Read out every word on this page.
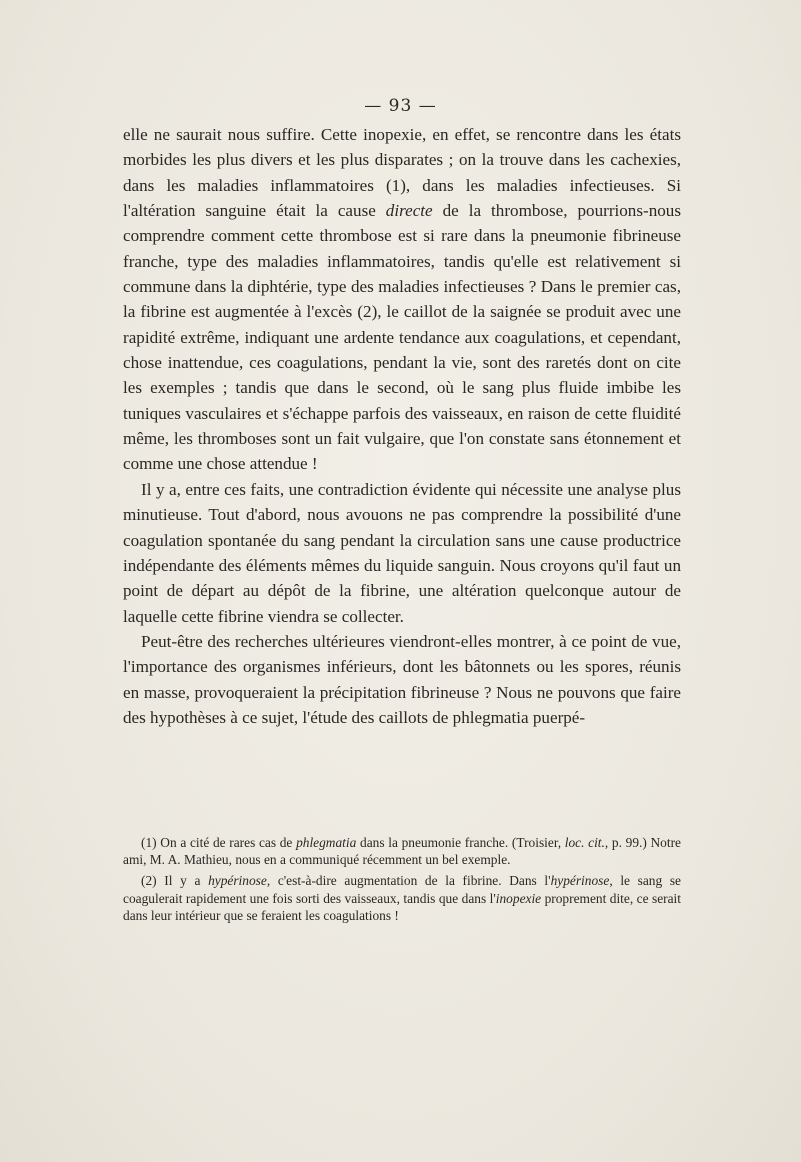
— 93 —

elle ne saurait nous suffire. Cette inopexie, en effet, se rencontre dans les états morbides les plus divers et les plus disparates ; on la trouve dans les cachexies, dans les maladies inflammatoires (1), dans les maladies infectieuses. Si l'altération sanguine était la cause directe de la thrombose, pourrions-nous comprendre comment cette thrombose est si rare dans la pneumonie fibrineuse franche, type des maladies inflammatoires, tandis qu'elle est relativement si commune dans la diphtérie, type des maladies infectieuses ? Dans le premier cas, la fibrine est augmentée à l'excès (2), le caillot de la saignée se produit avec une rapidité extrême, indiquant une ardente tendance aux coagulations, et cependant, chose inattendue, ces coagulations, pendant la vie, sont des raretés dont on cite les exemples ; tandis que dans le second, où le sang plus fluide imbibe les tuniques vasculaires et s'échappe parfois des vaisseaux, en raison de cette fluidité même, les thromboses sont un fait vulgaire, que l'on constate sans étonnement et comme une chose attendue !

Il y a, entre ces faits, une contradiction évidente qui nécessite une analyse plus minutieuse. Tout d'abord, nous avouons ne pas comprendre la possibilité d'une coagulation spontanée du sang pendant la circulation sans une cause productrice indépendante des éléments mêmes du liquide sanguin. Nous croyons qu'il faut un point de départ au dépôt de la fibrine, une altération quelconque autour de laquelle cette fibrine viendra se collecter.

Peut-être des recherches ultérieures viendront-elles montrer, à ce point de vue, l'importance des organismes inférieurs, dont les bâtonnets ou les spores, réunis en masse, provoqueraient la précipitation fibrineuse ? Nous ne pouvons que faire des hypothèses à ce sujet, l'étude des caillots de phlegmatia puerpé-

(1) On a cité de rares cas de phlegmatia dans la pneumonie franche. (Troisier, loc. cit., p. 99.) Notre ami, M. A. Mathieu, nous en a communiqué récemment un bel exemple.

(2) Il y a hypérinose, c'est-à-dire augmentation de la fibrine. Dans l'hypérinose, le sang se coagulerait rapidement une fois sorti des vaisseaux, tandis que dans l'inopexie proprement dite, ce serait dans leur intérieur que se feraient les coagulations !
